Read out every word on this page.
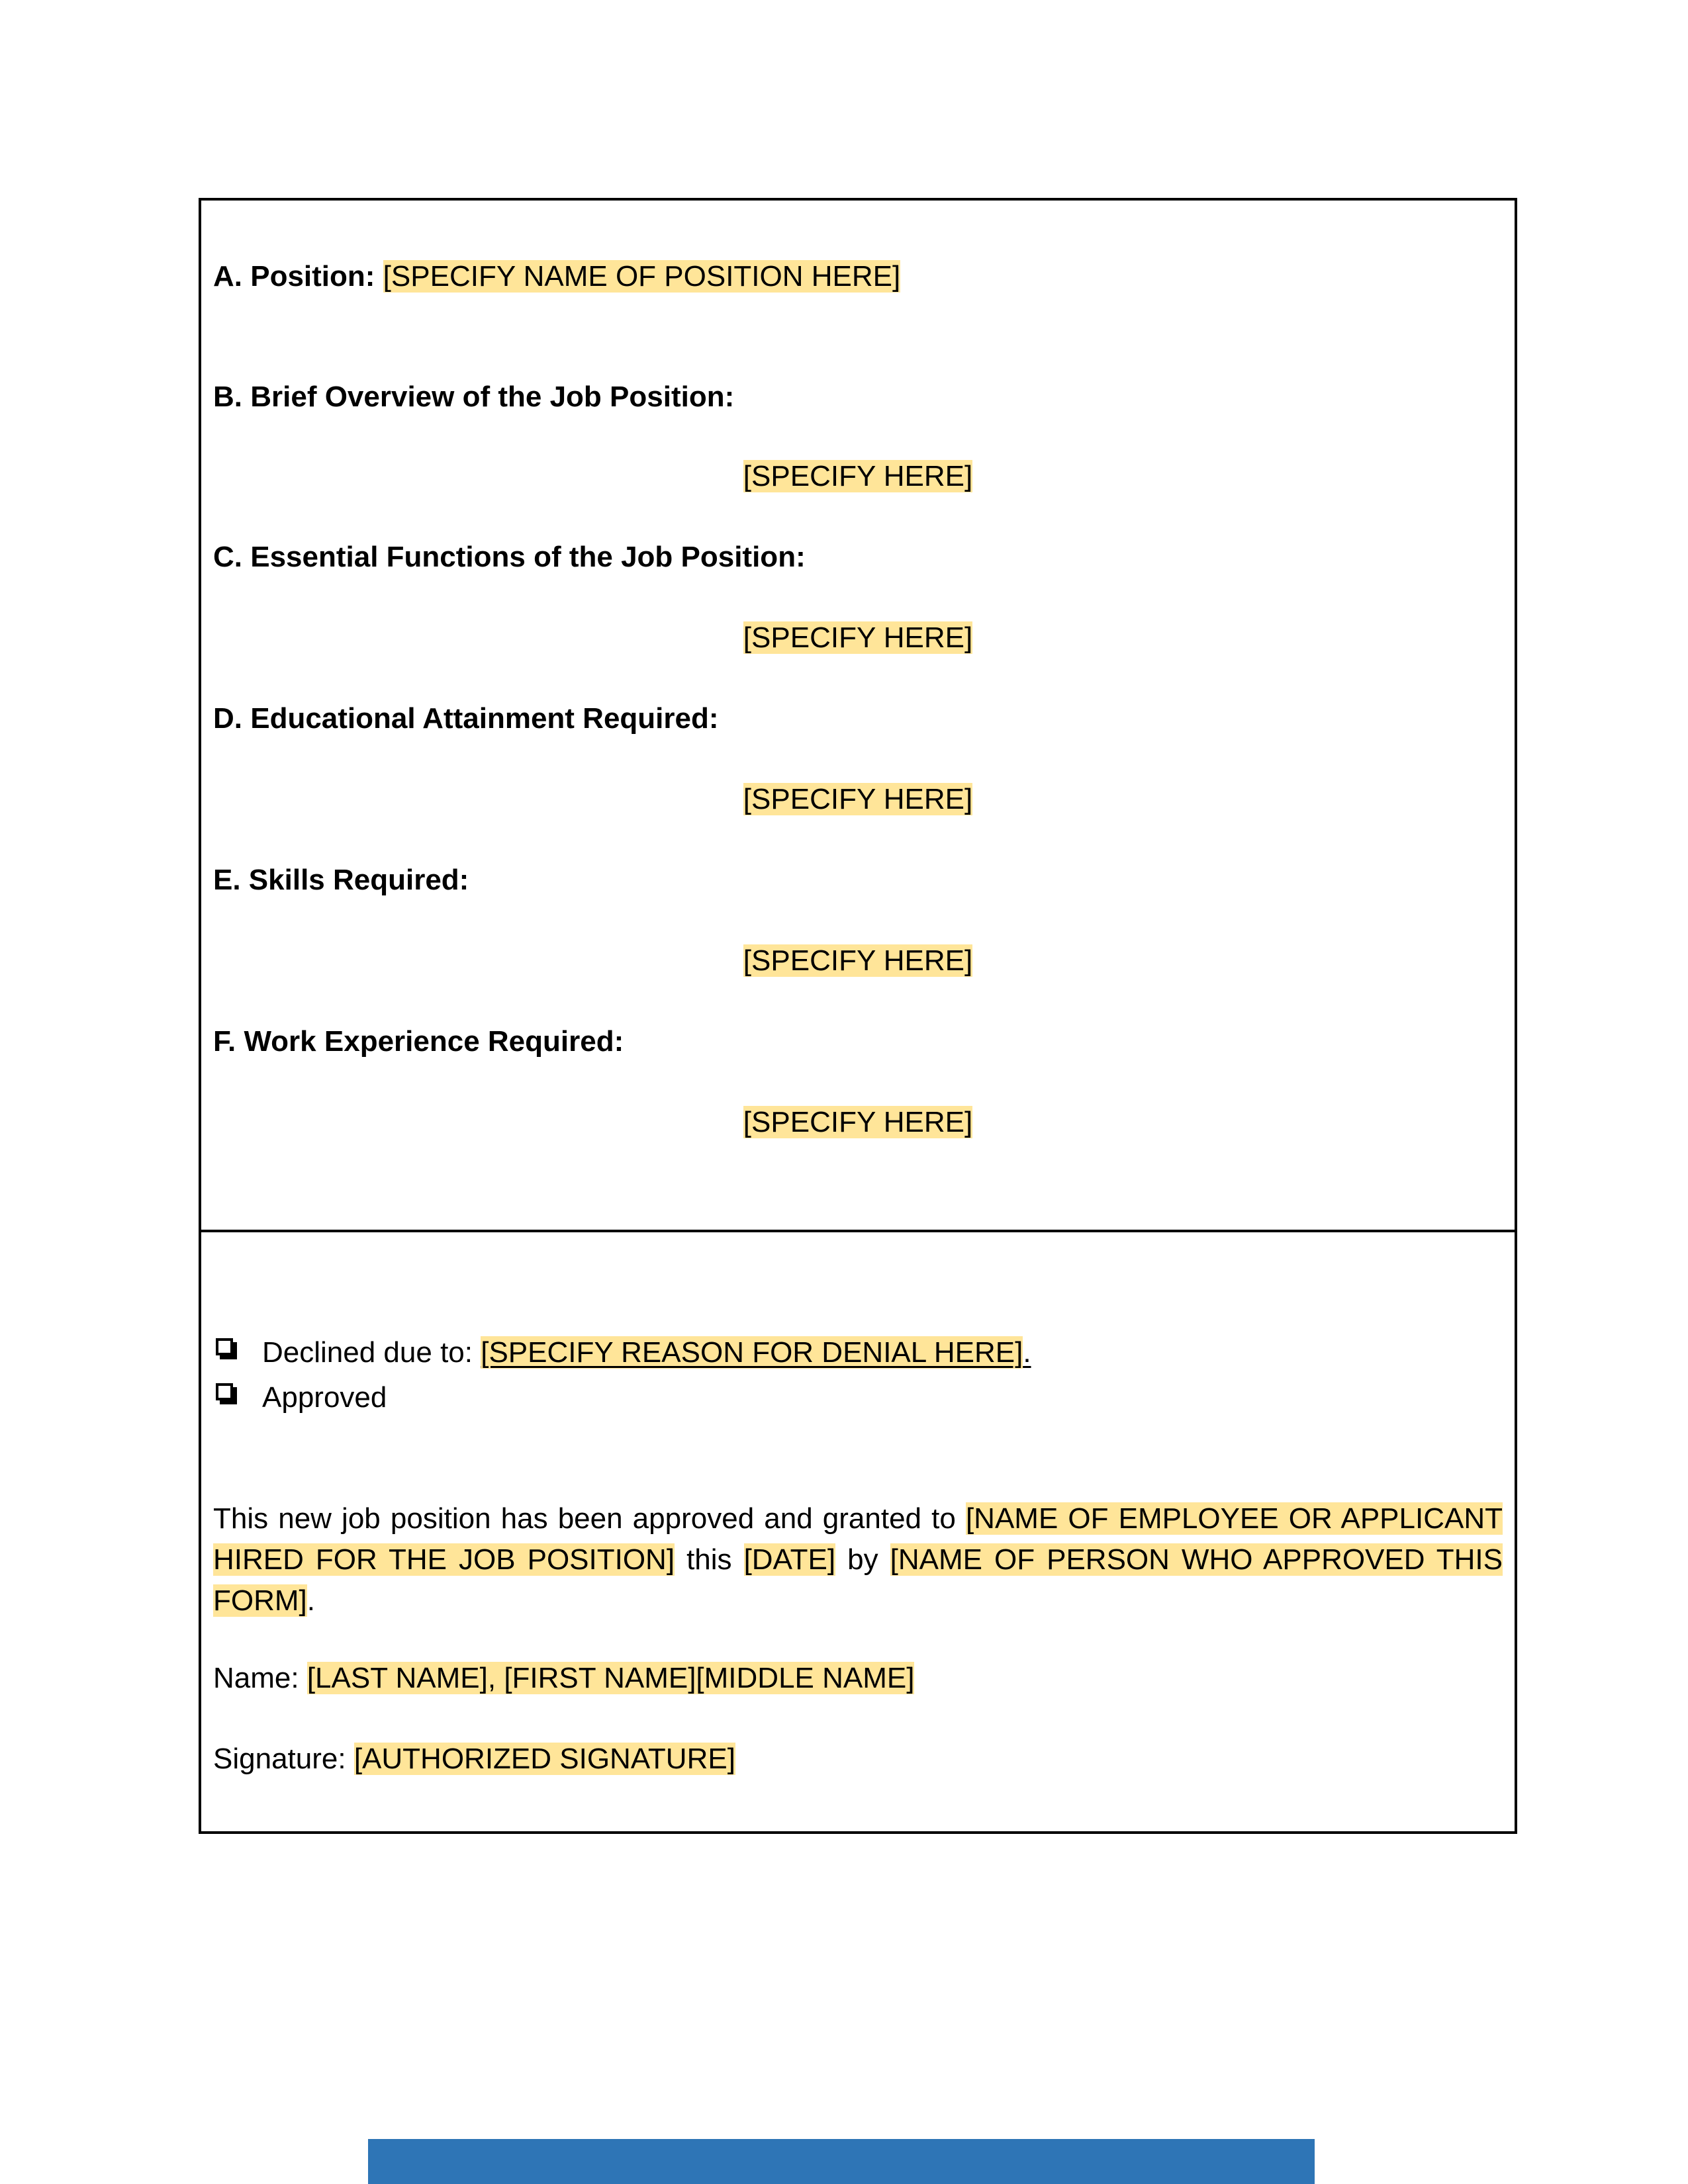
A. Position: [SPECIFY NAME OF POSITION HERE]
B. Brief Overview of the Job Position:
[SPECIFY HERE]
C. Essential Functions of the Job Position:
[SPECIFY HERE]
D. Educational Attainment Required:
[SPECIFY HERE]
E. Skills Required:
[SPECIFY HERE]
F. Work Experience Required:
[SPECIFY HERE]
Declined due to: [SPECIFY REASON FOR DENIAL HERE].
Approved
This new job position has been approved and granted to [NAME OF EMPLOYEE OR APPLICANT HIRED FOR THE JOB POSITION] this [DATE] by [NAME OF PERSON WHO APPROVED THIS FORM].
Name: [LAST NAME], [FIRST NAME][MIDDLE NAME]
Signature: [AUTHORIZED SIGNATURE]
